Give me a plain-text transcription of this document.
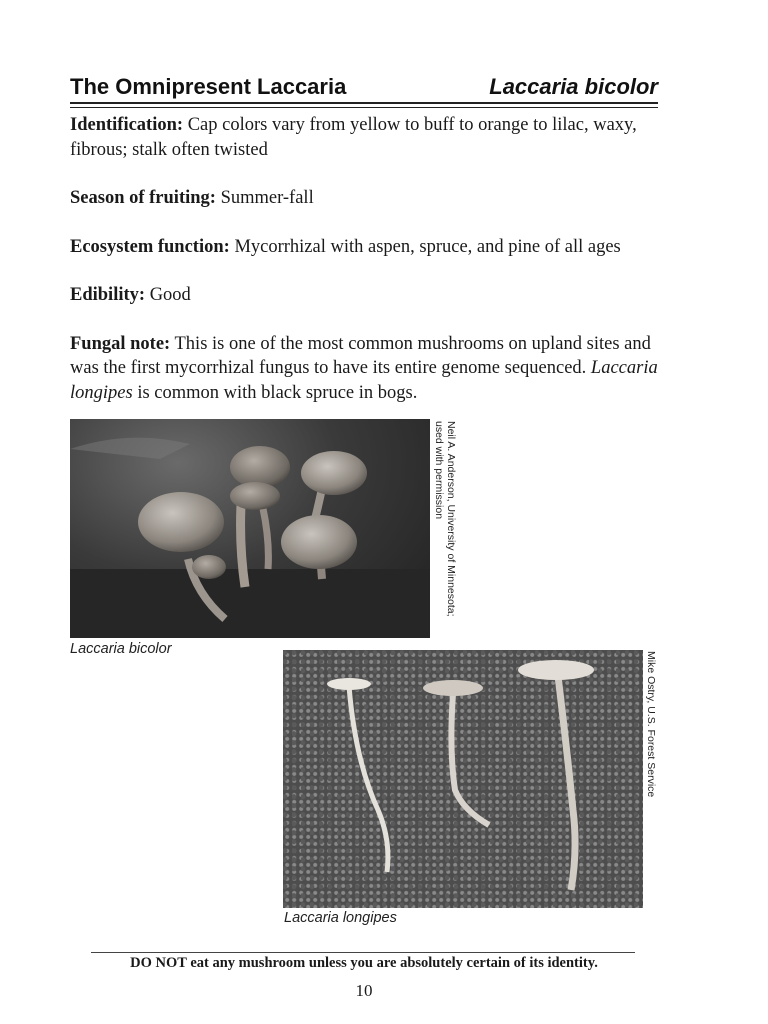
The Omnipresent Laccaria	Laccaria bicolor

Identification: Cap colors vary from yellow to buff to orange to lilac, waxy, fibrous; stalk often twisted

Season of fruiting: Summer-fall

Ecosystem function: Mycorrhizal with aspen, spruce, and pine of all ages

Edibility: Good

Fungal note: This is one of the most common mushrooms on upland sites and was the first mycorrhizal fungus to have its entire genome sequenced. Laccaria longipes is common with black spruce in bogs.

Neil A. Anderson, University of Minnesota;
used with permission
Laccaria bicolor
Mike Ostry, U.S. Forest Service
Laccaria longipes
DO NOT eat any mushroom unless you are absolutely certain of its identity.
10
